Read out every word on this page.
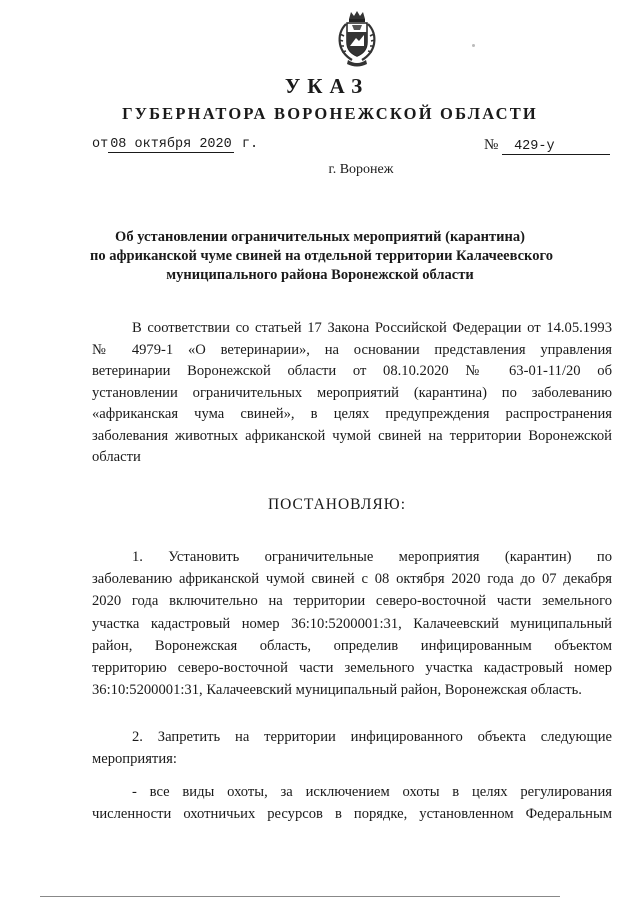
УКАЗ
ГУБЕРНАТОРА ВОРОНЕЖСКОЙ ОБЛАСТИ
от 08 октября 2020 г.	№ 429-у
г. Воронеж
Об установлении ограничительных мероприятий (карантина)
по африканской чуме свиней на отдельной территории Калачеевского
муниципального района Воронежской области
В соответствии со статьей 17 Закона Российской Федерации от 14.05.1993
№ 4979-1 «О ветеринарии», на основании представления управления
ветеринарии Воронежской области от 08.10.2020 № 63-01-11/20 об
установлении ограничительных мероприятий (карантина) по заболеванию
«африканская чума свиней», в целях предупреждения распространения
заболевания животных африканской чумой свиней на территории Воронежской
области
ПОСТАНОВЛЯЮ:
1. Установить ограничительные мероприятия (карантин) по
заболеванию африканской чумой свиней с 08 октября 2020 года до 07 декабря
2020 года включительно на территории северо-восточной части земельного
участка кадастровый номер 36:10:5200001:31, Калачеевский муниципальный
район, Воронежская область, определив инфицированным объектом
территорию северо-восточной части земельного участка кадастровый номер
36:10:5200001:31, Калачеевский муниципальный район, Воронежская область.
2. Запретить на территории инфицированного объекта следующие
мероприятия:
- все виды охоты, за исключением охоты в целях регулирования
численности охотничьих ресурсов в порядке, установленном Федеральным
